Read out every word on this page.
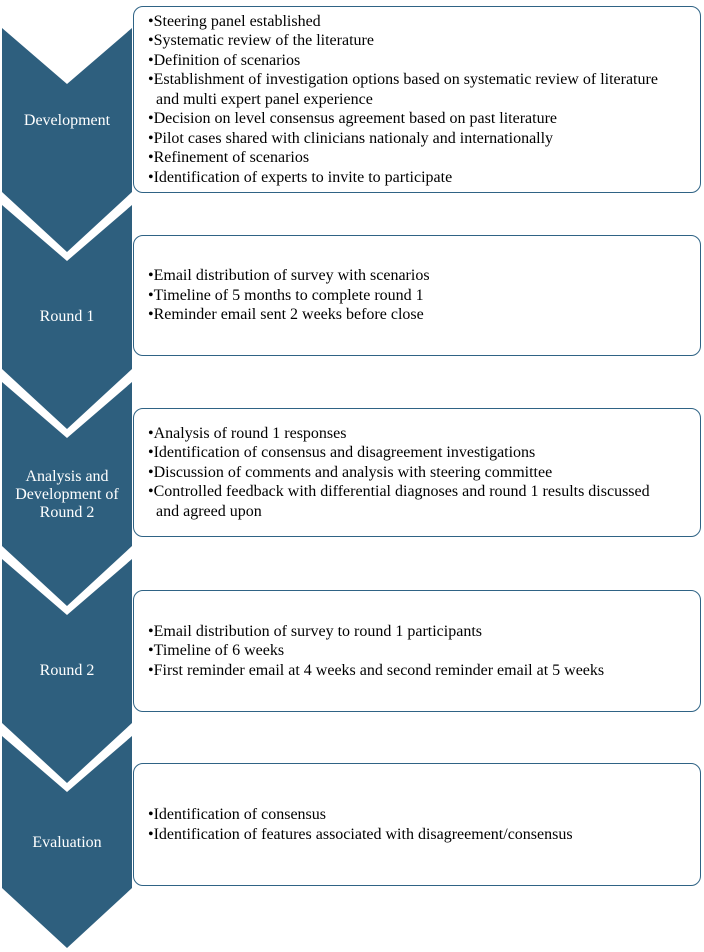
Development
Round 1
Analysis and Development of Round 2
Round 2
Evaluation
•Steering panel established
•Systematic review of the literature
•Definition of scenarios
•Establishment of investigation options based on systematic review of literature and multi expert panel experience
•Decision on level consensus agreement based on past literature
•Pilot cases shared with clinicians nationaly and internationally
•Refinement of scenarios
•Identification of experts to invite to participate
•Email distribution of survey with scenarios
•Timeline of 5 months to complete round 1
•Reminder email sent 2 weeks before close
•Analysis of round 1 responses
•Identification of consensus and disagreement investigations
•Discussion of comments and analysis with steering committee
•Controlled feedback with differential diagnoses and round 1 results discussed and agreed upon
•Email distribution of survey to round 1 participants
•Timeline of 6 weeks
•First reminder email at 4 weeks and second reminder email at 5 weeks
•Identification of consensus
•Identification of features associated with disagreement/consensus
